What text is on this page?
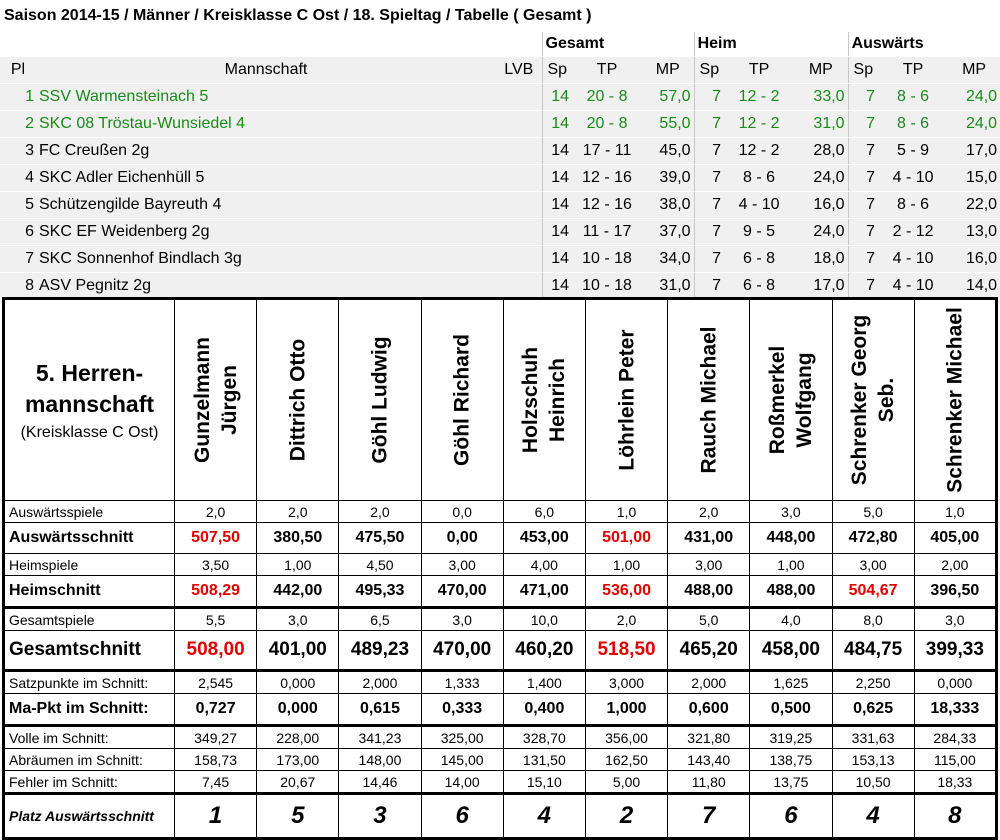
Saison 2014-15 / Männer / Kreisklasse C Ost / 18. Spieltag / Tabelle ( Gesamt )
			Gesamt			Heim			Auswärts		
Pl	Mannschaft	LVB	Sp	TP	MP	Sp	TP	MP	Sp	TP	MP
1	SSV Warmensteinach 5		14	20 - 8	57,0	7	12 - 2	33,0	7	8 - 6	24,0
2	SKC 08 Tröstau-Wunsiedel 4		14	20 - 8	55,0	7	12 - 2	31,0	7	8 - 6	24,0
3	FC Creußen 2g		14	17 - 11	45,0	7	12 - 2	28,0	7	5 - 9	17,0
4	SKC Adler Eichenhüll 5		14	12 - 16	39,0	7	8 - 6	24,0	7	4 - 10	15,0
5	Schützengilde Bayreuth 4		14	12 - 16	38,0	7	4 - 10	16,0	7	8 - 6	22,0
6	SKC EF Weidenberg 2g		14	11 - 17	37,0	7	9 - 5	24,0	7	2 - 12	13,0
7	SKC Sonnenhof Bindlach 3g		14	10 - 18	34,0	7	6 - 8	18,0	7	4 - 10	16,0
8	ASV Pegnitz 2g		14	10 - 18	31,0	7	6 - 8	17,0	7	4 - 10	14,0
5. Herren-mannschaft
(Kreisklasse C Ost)	Gunzelmann Jürgen	Dittrich Otto	Göhl Ludwig	Göhl Richard	Holzschuh Heinrich	Löhrlein Peter	Rauch Michael	Roßmerkel Wolfgang	Schrenker Georg Seb.	Schrenker Michael

Auswärtsspiele	2,0	2,0	2,0	0,0	6,0	1,0	2,0	3,0	5,0	1,0
Auswärtsschnitt	507,50	380,50	475,50	0,00	453,00	501,00	431,00	448,00	472,80	405,00
Heimspiele	3,50	1,00	4,50	3,00	4,00	1,00	3,00	1,00	3,00	2,00
Heimschnitt	508,29	442,00	495,33	470,00	471,00	536,00	488,00	488,00	504,67	396,50
Gesamtspiele	5,5	3,0	6,5	3,0	10,0	2,0	5,0	4,0	8,0	3,0
Gesamtschnitt	508,00	401,00	489,23	470,00	460,20	518,50	465,20	458,00	484,75	399,33
Satzpunkte im Schnitt:	2,545	0,000	2,000	1,333	1,400	3,000	2,000	1,625	2,250	0,000
Ma-Pkt im Schnitt:	0,727	0,000	0,615	0,333	0,400	1,000	0,600	0,500	0,625	18,333
Volle im Schnitt:	349,27	228,00	341,23	325,00	328,70	356,00	321,80	319,25	331,63	284,33
Abräumen im Schnitt:	158,73	173,00	148,00	145,00	131,50	162,50	143,40	138,75	153,13	115,00
Fehler im Schnitt:	7,45	20,67	14,46	14,00	15,10	5,00	11,80	13,75	10,50	18,33
Platz Auswärtsschnitt	1	5	3	6	4	2	7	6	4	8
